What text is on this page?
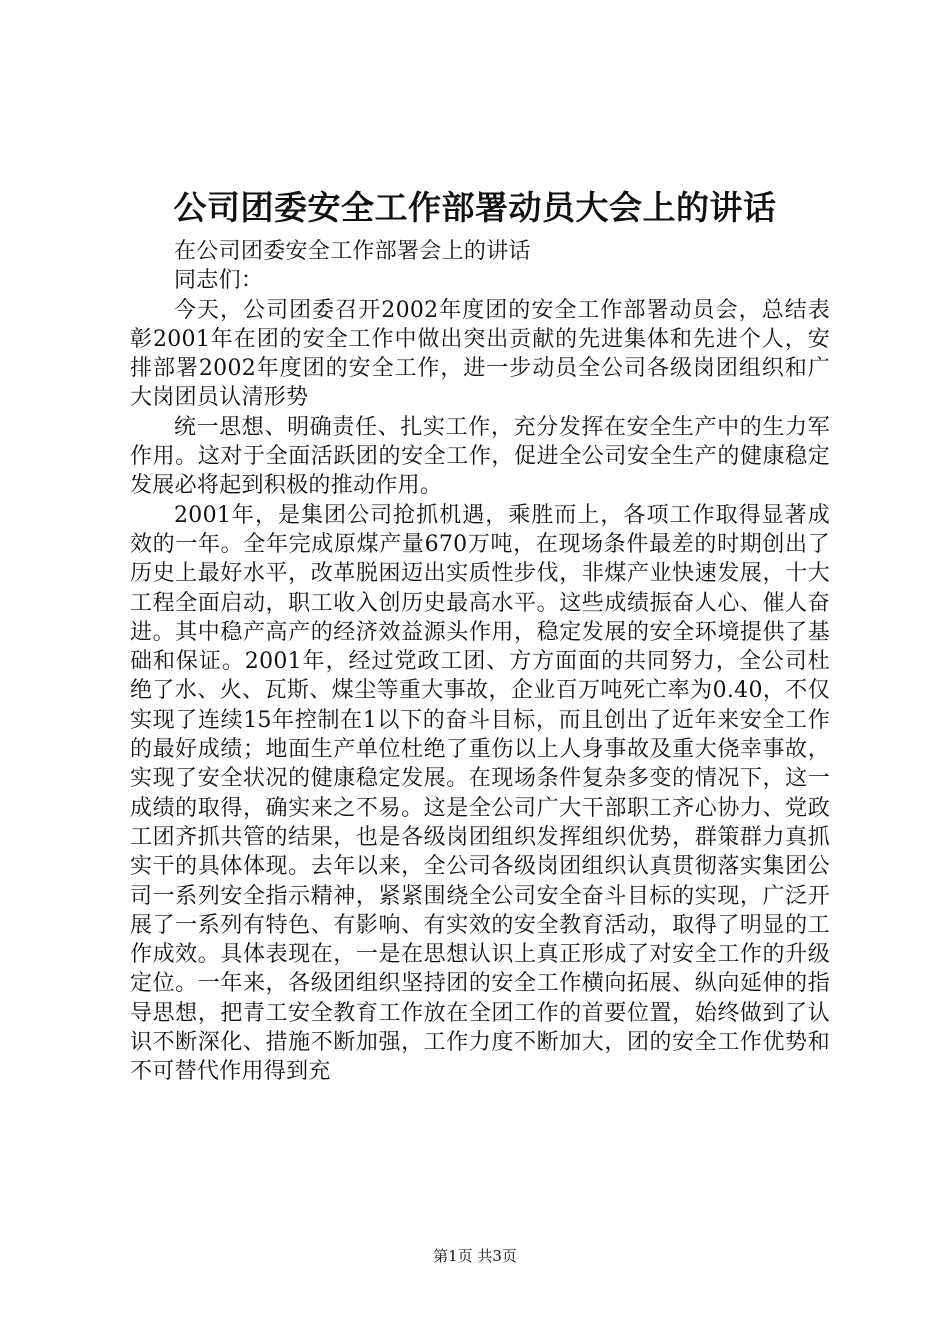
公司团委安全工作部署动员大会上的讲话

在公司团委安全工作部署会上的讲话

同志们：

今天，公司团委召开2002年度团的安全工作部署动员会，总结表彰2001年在团的安全工作中做出突出贡献的先进集体和先进个人，安排部署2002年度团的安全工作，进一步动员全公司各级岗团组织和广大岗团员认清形势

统一思想、明确责任、扎实工作，充分发挥在安全生产中的生力军作用。这对于全面活跃团的安全工作，促进全公司安全生产的健康稳定发展必将起到积极的推动作用。

2001年，是集团公司抢抓机遇，乘胜而上，各项工作取得显著成效的一年。全年完成原煤产量670万吨，在现场条件最差的时期创出了历史上最好水平，改革脱困迈出实质性步伐，非煤产业快速发展，十大工程全面启动，职工收入创历史最高水平。这些成绩振奋人心、催人奋进。其中稳产高产的经济效益源头作用，稳定发展的安全环境提供了基础和保证。2001年，经过党政工团、方方面面的共同努力，全公司杜绝了水、火、瓦斯、煤尘等重大事故，企业百万吨死亡率为0.40，不仅实现了连续15年控制在1以下的奋斗目标，而且创出了近年来安全工作的最好成绩；地面生产单位杜绝了重伤以上人身事故及重大侥幸事故，实现了安全状况的健康稳定发展。在现场条件复杂多变的情况下，这一成绩的取得，确实来之不易。这是全公司广大干部职工齐心协力、党政工团齐抓共管的结果，也是各级岗团组织发挥组织优势，群策群力真抓实干的具体体现。去年以来，全公司各级岗团组织认真贯彻落实集团公司一系列安全指示精神，紧紧围绕全公司安全奋斗目标的实现，广泛开展了一系列有特色、有影响、有实效的安全教育活动，取得了明显的工作成效。具体表现在，一是在思想认识上真正形成了对安全工作的升级定位。一年来，各级团组织坚持团的安全工作横向拓展、纵向延伸的指导思想，把青工安全教育工作放在全团工作的首要位置，始终做到了认识不断深化、措施不断加强，工作力度不断加大，团的安全工作优势和不可替代作用得到充

第1页 共3页
